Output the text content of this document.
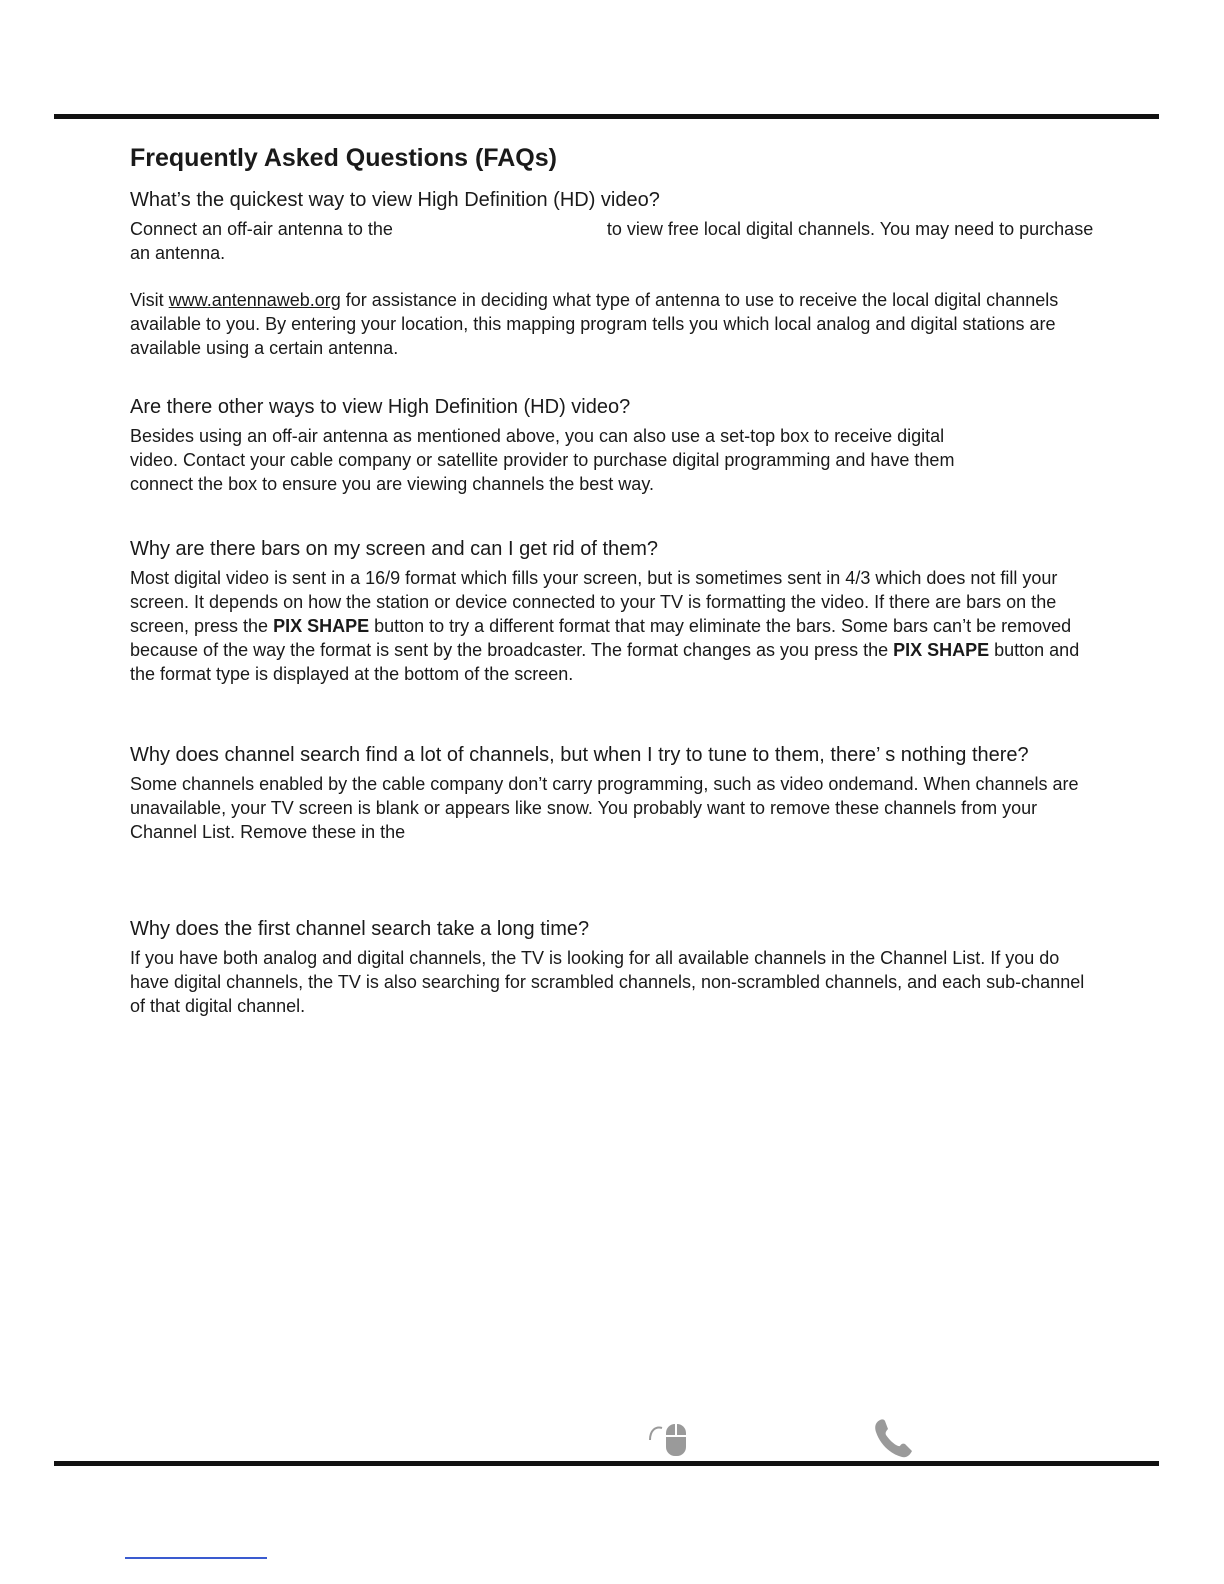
Frequently Asked Questions (FAQs)

What’s the quickest way to view High Definition (HD) video?

Connect an off-air antenna to the	to view free local digital channels. You may need to purchase an antenna.

Visit www.antennaweb.org for assistance in deciding what type of antenna to use to receive the local digital channels available to you. By entering your location, this mapping program tells you which local analog and digital stations are available using a certain antenna.

Are there other ways to view High Definition (HD) video?

Besides using an off-air antenna as mentioned above, you can also use a set-top box to receive digital video. Contact your cable company or satellite provider to purchase digital programming and have them connect the box to ensure you are viewing channels the best way.

Why are there bars on my screen and can I get rid of them?

Most digital video is sent in a 16/9 format which fills your screen, but is sometimes sent in 4/3 which does not fill your screen. It depends on how the station or device connected to your TV is formatting the video. If there are bars on the screen, press the PIX SHAPE button to try a different format that may eliminate the bars. Some bars can’t be removed because of the way the format is sent by the broadcaster. The format changes as you press the PIX SHAPE button and the format type is displayed at the bottom of the screen.

Why does channel search find a lot of channels, but when I try to tune to them, there’ s nothing there?

Some channels enabled by the cable company don’t carry programming, such as video ondemand. When channels are unavailable, your TV screen is blank or appears like snow. You probably want to remove these channels from your Channel List. Remove these in the

Why does the first channel search take a long time?

If you have both analog and digital channels, the TV is looking for all available channels in the Channel List. If you do have digital channels, the TV is also searching for scrambled channels, non-scrambled channels, and each sub-channel of that digital channel.
